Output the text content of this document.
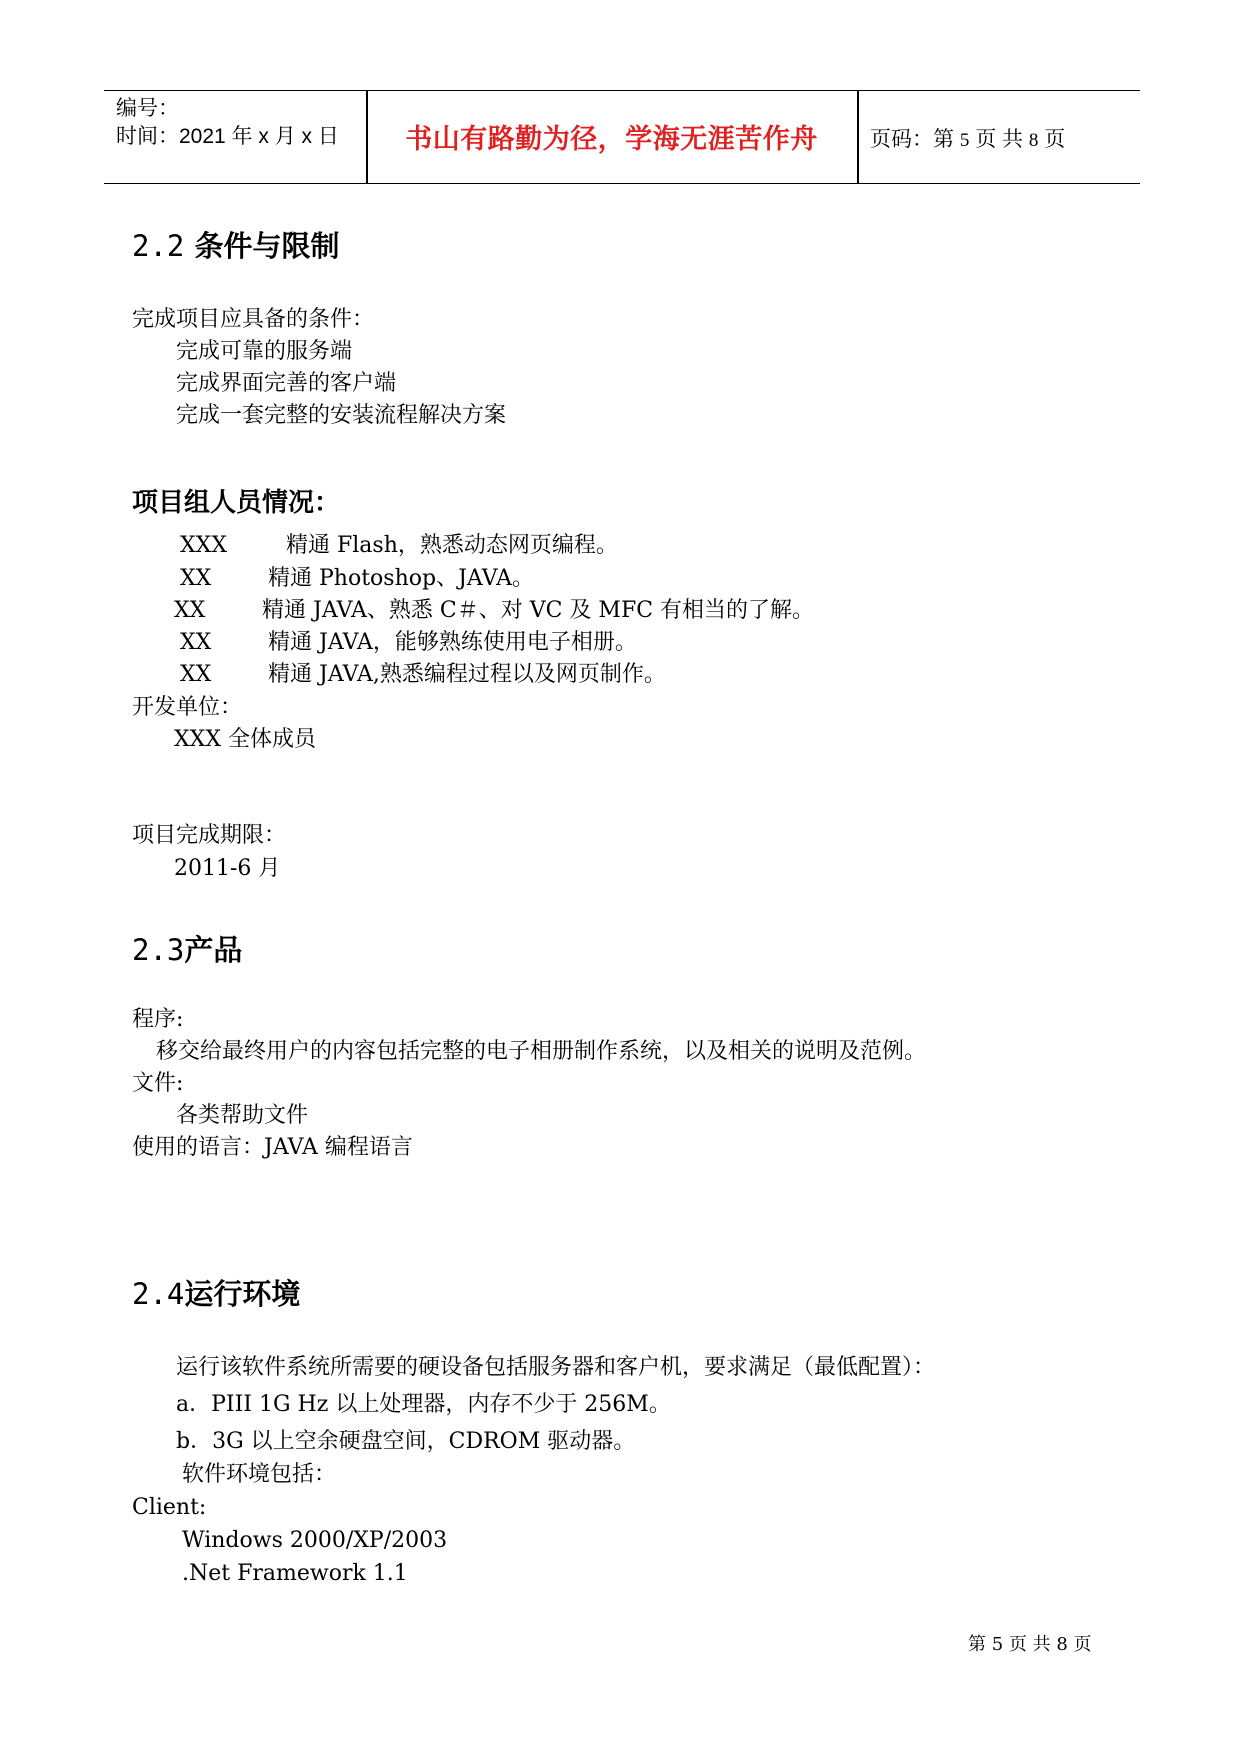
编号：
时间：2021 年 x 月 x 日	书山有路勤为径，学海无涯苦作舟	页码：第 5 页 共 8 页
2.2 条件与限制
完成项目应具备的条件：
完成可靠的服务端
完成界面完善的客户端
完成一套完整的安装流程解决方案
项目组人员情况：
XXX	精通 Flash，熟悉动态网页编程。
XX	精通 Photoshop、JAVA。
XX	精通 JAVA、熟悉 C＃、对 VC 及 MFC 有相当的了解。
XX	精通 JAVA，能够熟练使用电子相册。
XX	精通 JAVA,熟悉编程过程以及网页制作。
开发单位：
XXX 全体成员
项目完成期限：
2011-6 月
2.3产品
程序:
移交给最终用户的内容包括完整的电子相册制作系统，以及相关的说明及范例。
文件:
各类帮助文件
使用的语言：JAVA 编程语言
2.4运行环境
运行该软件系统所需要的硬设备包括服务器和客户机，要求满足（最低配置）：
a．PIII 1G Hz 以上处理器，内存不少于 256M。
b．3G 以上空余硬盘空间，CDROM 驱动器。
软件环境包括：
Client:
Windows 2000/XP/2003
.Net Framework 1.1
第 5 页 共 8 页
